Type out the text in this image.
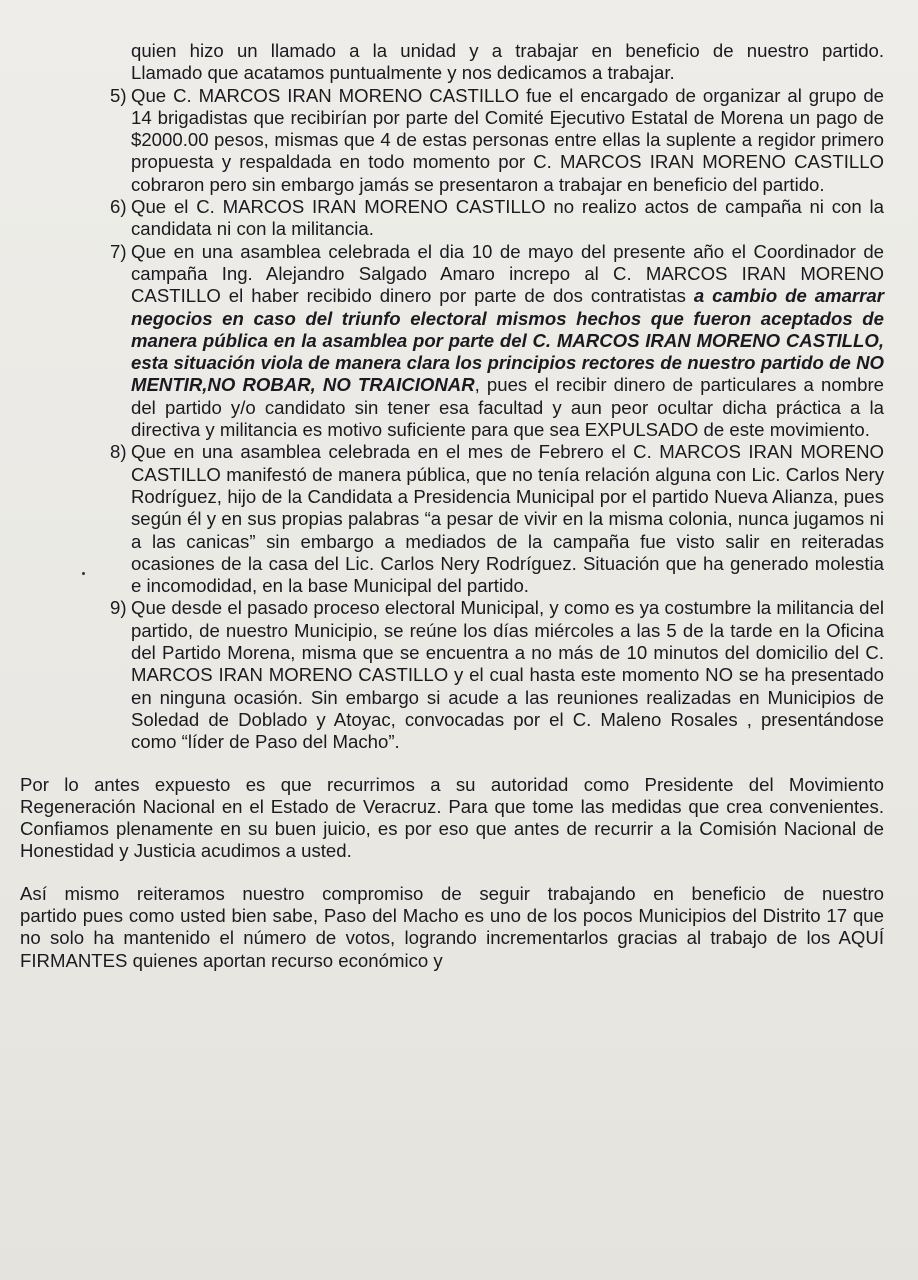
quien hizo un llamado a la unidad y a trabajar en beneficio de nuestro partido.
Llamado que acatamos puntualmente y nos dedicamos a trabajar.
5) Que C. MARCOS IRAN MORENO CASTILLO fue el encargado de organizar al grupo de 14 brigadistas que recibirían por parte del Comité Ejecutivo Estatal de Morena un pago de $2000.00 pesos, mismas que 4 de estas personas entre ellas la suplente a regidor primero propuesta y respaldada en todo momento por C. MARCOS IRAN MORENO CASTILLO cobraron pero sin embargo jamás se presentaron a trabajar en beneficio del partido.
6) Que el C. MARCOS IRAN MORENO CASTILLO no realizo actos de campaña ni con la candidata ni con la militancia.
7) Que en una asamblea celebrada el dia 10 de mayo del presente año el Coordinador de campaña Ing. Alejandro Salgado Amaro increpo al C. MARCOS IRAN MORENO CASTILLO el haber recibido dinero por parte de dos contratistas a cambio de amarrar negocios en caso del triunfo electoral mismos hechos que fueron aceptados de manera pública en la asamblea por parte del C. MARCOS IRAN MORENO CASTILLO, esta situación viola de manera clara los principios rectores de nuestro partido de NO MENTIR,NO ROBAR, NO TRAICIONAR, pues el recibir dinero de particulares a nombre del partido y/o candidato sin tener esa facultad y aun peor ocultar dicha práctica a la directiva y militancia es motivo suficiente para que sea EXPULSADO de este movimiento.
8) Que en una asamblea celebrada en el mes de Febrero el C. MARCOS IRAN MORENO CASTILLO manifestó de manera pública, que no tenía relación alguna con Lic. Carlos Nery Rodríguez, hijo de la Candidata a Presidencia Municipal por el partido Nueva Alianza, pues según él y en sus propias palabras “a pesar de vivir en la misma colonia, nunca jugamos ni a las canicas” sin embargo a mediados de la campaña fue visto salir en reiteradas ocasiones de la casa del Lic. Carlos Nery Rodríguez. Situación que ha generado molestia e incomodidad, en la base Municipal del partido.
9) Que desde el pasado proceso electoral Municipal, y como es ya costumbre la militancia del partido, de nuestro Municipio, se reúne los días miércoles a las 5 de la tarde en la Oficina del Partido Morena, misma que se encuentra a no más de 10 minutos del domicilio del C. MARCOS IRAN MORENO CASTILLO y el cual hasta este momento NO se ha presentado en ninguna ocasión. Sin embargo si acude a las reuniones realizadas en Municipios de Soledad de Doblado y Atoyac, convocadas por el C. Maleno Rosales , presentándose como “líder de Paso del Macho”.
Por lo antes expuesto es que recurrimos a su autoridad como Presidente del Movimiento
Regeneración Nacional en el Estado de Veracruz. Para que tome las medidas que crea convenientes. Confiamos plenamente en su buen juicio, es por eso que antes de recurrir a la Comisión Nacional de Honestidad y Justicia acudimos a usted.
Así mismo reiteramos nuestro compromiso de seguir trabajando en beneficio de nuestro
partido pues como usted bien sabe, Paso del Macho es uno de los pocos Municipios del Distrito 17 que no solo ha mantenido el número de votos, logrando incrementarlos gracias al trabajo de los AQUÍ FIRMANTES quienes aportan recurso económico y
